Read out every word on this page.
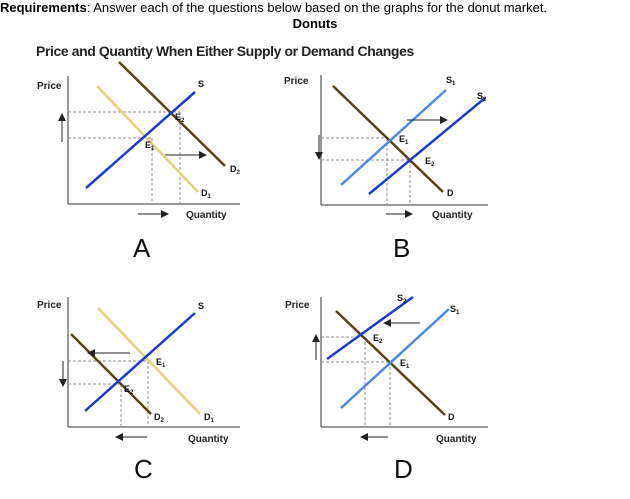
Requirements: Answer each of the questions below based on the graphs for the donut market.
Donuts
Price and Quantity When Either Supply or Demand Changes
Price	S
$E_2$
$E_1$
$D_2$
$D_1$
Quantity
A
Price	$S_1$
$S_2$
$E_1$
$E_2$
D
Quantity
B
Price	S
$E_1$
$E_2$
$D_2$	$D_1$
Quantity
C
Price
$S_2$
$S_1$
$E_2$
$E_1$
D
Quantity
D
